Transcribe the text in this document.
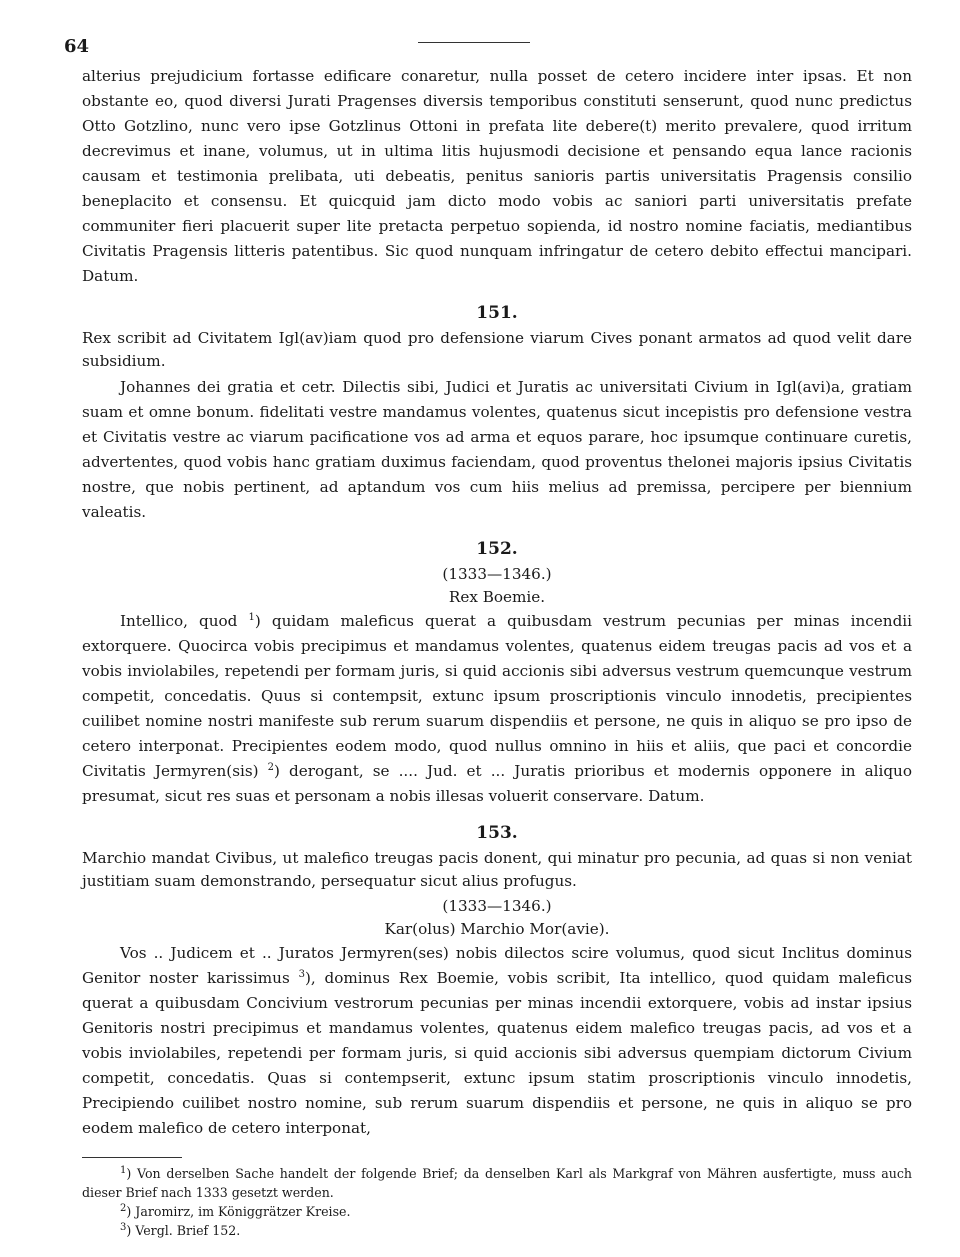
64

alterius prejudicium fortasse edificare conaretur, nulla posset de cetero incidere inter ipsas. Et non obstante eo, quod diversi Jurati Pragenses diversis temporibus constituti senserunt, quod nunc predictus Otto Gotzlino, nunc vero ipse Gotzlinus Ottoni in prefata lite debere(t) merito prevalere, quod irritum decrevimus et inane, volumus, ut in ultima litis hujusmodi decisione et pensando equa lance racionis causam et testimonia prelibata, uti debeatis, penitus sanioris partis universitatis Pragensis consilio beneplacito et consensu. Et quicquid jam dicto modo vobis ac saniori parti universitatis prefate communiter fieri placuerit super lite pretacta perpetuo sopienda, id nostro nomine faciatis, mediantibus Civitatis Pragensis litteris patentibus. Sic quod nunquam infringatur de cetero debito effectui mancipari. Datum.

151.

Rex scribit ad Civitatem Igl(av)iam quod pro defensione viarum Cives ponant armatos ad quod velit dare subsidium.

Johannes dei gratia et cetr. Dilectis sibi, Judici et Juratis ac universitati Civium in Igl(avi)a, gratiam suam et omne bonum. fidelitati vestre mandamus volentes, quatenus sicut incepistis pro defensione vestra et Civitatis vestre ac viarum pacificatione vos ad arma et equos parare, hoc ipsumque continuare curetis, advertentes, quod vobis hanc gratiam duximus faciendam, quod proventus thelonei majoris ipsius Civitatis nostre, que nobis pertinent, ad aptandum vos cum hiis melius ad premissa, percipere per biennium valeatis.

152.

(1333—1346.)

Rex Boemie.

Intellico, quod $^1$) quidam maleficus querat a quibusdam vestrum pecunias per minas incendii extorquere. Quocirca vobis precipimus et mandamus volentes, quatenus eidem treugas pacis ad vos et a vobis inviolabiles, repetendi per formam juris, si quid accionis sibi adversus vestrum quemcunque vestrum competit, concedatis. Quus si contempsit, extunc ipsum proscriptionis vinculo innodetis, precipientes cuilibet nomine nostri manifeste sub rerum suarum dispendiis et persone, ne quis in aliquo se pro ipso de cetero interponat. Precipientes eodem modo, quod nullus omnino in hiis et aliis, que paci et concordie Civitatis Jermyren(sis) $^2$) derogant, se .... Jud. et ... Juratis prioribus et modernis opponere in aliquo presumat, sicut res suas et personam a nobis illesas voluerit conservare. Datum.

153.

Marchio mandat Civibus, ut malefico treugas pacis donent, qui minatur pro pecunia, ad quas si non veniat justitiam suam demonstrando, persequatur sicut alius profugus.

(1333—1346.)

Kar(olus) Marchio Mor(avie).

Vos .. Judicem et .. Juratos Jermyren(ses) nobis dilectos scire volumus, quod sicut Inclitus dominus Genitor noster karissimus $^3$), dominus Rex Boemie, vobis scribit, Ita intellico, quod quidam maleficus querat a quibusdam Concivium vestrorum pecunias per minas incendii extorquere, vobis ad instar ipsius Genitoris nostri precipimus et mandamus volentes, quatenus eidem malefico treugas pacis, ad vos et a vobis inviolabiles, repetendi per formam juris, si quid accionis sibi adversus quempiam dictorum Civium competit, concedatis. Quas si contempserit, extunc ipsum statim proscriptionis vinculo innodetis, Precipiendo cuilibet nostro nomine, sub rerum suarum dispendiis et persone, ne quis in aliquo se pro eodem malefico de cetero interponat,

$^1$) Von derselben Sache handelt der folgende Brief; da denselben Karl als Markgraf von Mähren ausfertigte, muss auch dieser Brief nach 1333 gesetzt werden.

$^2$) Jaromirz, im Königgrätzer Kreise.

$^3$) Vergl. Brief 152.
